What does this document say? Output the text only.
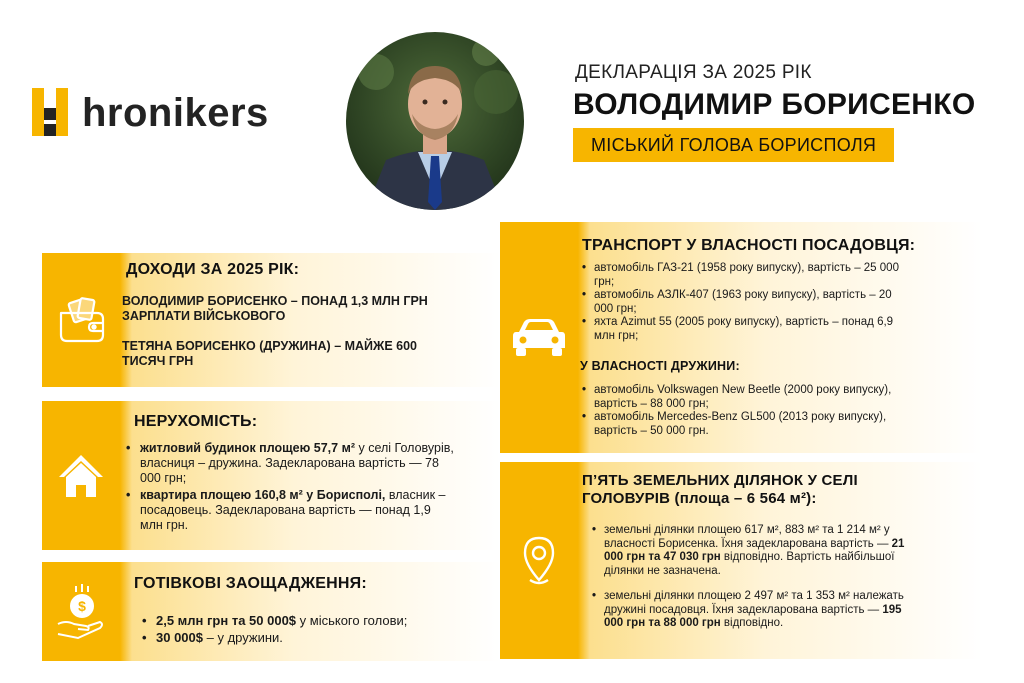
hronikers
ДЕКЛАРАЦІЯ ЗА 2025 РІК
ВОЛОДИМИР БОРИСЕНКО
МІСЬКИЙ ГОЛОВА БОРИСПОЛЯ
ДОХОДИ ЗА 2025 РІК:
ВОЛОДИМИР БОРИСЕНКО – ПОНАД 1,3 МЛН ГРН ЗАРПЛАТИ ВІЙСЬКОВОГО
ТЕТЯНА БОРИСЕНКО (ДРУЖИНА) – МАЙЖЕ 600 ТИСЯЧ ГРН
НЕРУХОМІСТЬ:
• житловий будинок площею 57,7 м² у селі Головурів, власниця – дружина. Задекларована вартість — 78 000 грн;
• квартира площею 160,8 м² у Борисполі, власник – посадовець. Задекларована вартість — понад 1,9 млн грн.
$
ГОТІВКОВІ ЗАОЩАДЖЕННЯ:
• 2,5 млн грн та 50 000$ у міського голови;
• 30 000$ – у дружини.
ТРАНСПОРТ У ВЛАСНОСТІ ПОСАДОВЦЯ:
• автомобіль ГАЗ-21 (1958 року випуску), вартість – 25 000 грн;
• автомобіль АЗЛК-407 (1963 року випуску), вартість – 20 000 грн;
• яхта Azimut 55 (2005 року випуску), вартість – понад 6,9 млн грн;
У ВЛАСНОСТІ ДРУЖИНИ:
• автомобіль Volkswagen New Beetle (2000 року випуску), вартість – 88 000 грн;
• автомобіль Mercedes-Benz GL500 (2013 року випуску), вартість – 50 000 грн.
П’ЯТЬ ЗЕМЕЛЬНИХ ДІЛЯНОК У СЕЛІ ГОЛОВУРІВ (площа – 6 564 м²):
• земельні ділянки площею 617 м², 883 м² та 1 214 м² у власності Борисенка. Їхня задекларована вартість — 21 000 грн та 47 030 грн відповідно. Вартість найбільшої ділянки не зазначена.
• земельні ділянки площею 2 497 м² та 1 353 м² належать дружині посадовця. Їхня задекларована вартість — 195 000 грн та 88 000 грн відповідно.
